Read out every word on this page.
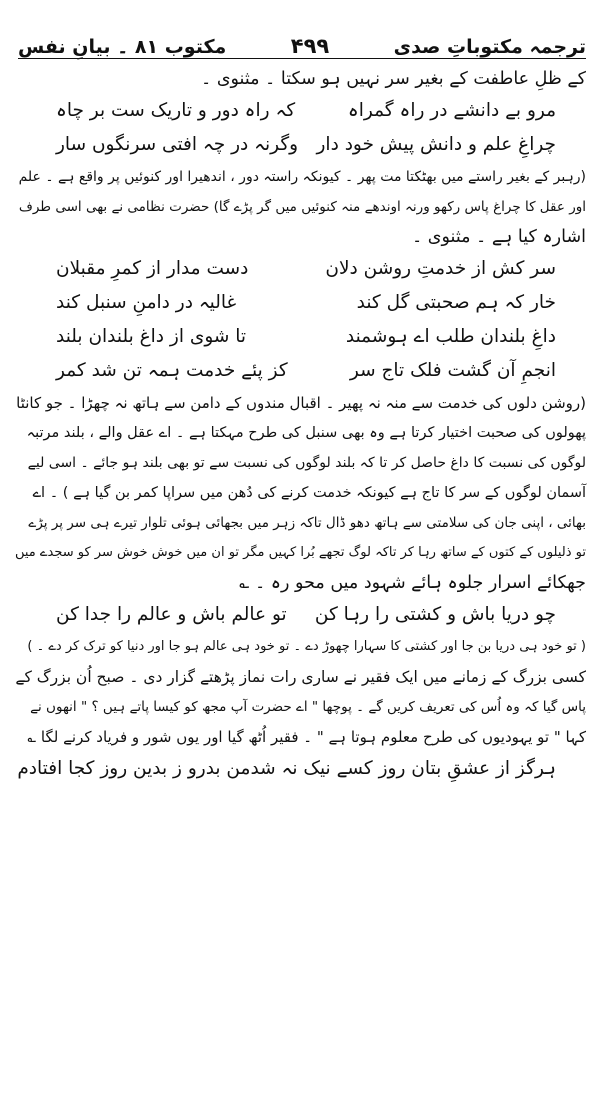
ترجمہ مکتوباتِ صدی
۴۹۹
مکتوب ۸۱ ۔ بیانِ نفس

کے ظلِ عاطفت کے بغیر سر نہیں ہو سکتا ۔ مثنوی ۔

مرو بے دانشے در راہ گمراہ
کہ راہ دور و تاریک ست بر چاہ
چراغِ علم و دانش پیش خود دار
وگرنہ در چہ افتی سرنگوں سار

(رہبر کے بغیر راستے میں بھٹکتا مت پھر ۔ کیونکہ راستہ دور ، اندھیرا اور کنوئیں پر واقع ہے ۔ علم

اور عقل کا چراغ پاس رکھو ورنہ اوندھے منہ کنوئیں میں گر پڑے گا) حضرت نظامی نے بھی اسی طرف

اشارہ کیا ہے ۔ مثنوی ۔

سر کش از خدمتِ روشن دلان
دست مدار از کمرِ مقبلان
خار کہ ہم صحبتی گل کند
غالیہ در دامنِ سنبل کند
داغِ بلندان طلب اے ہوشمند
تا شوی از داغ بلندان بلند
انجمِ آن گشت فلک تاج سر
کز پئے خدمت ہمہ تن شد کمر

(روشن دلوں کی خدمت سے منہ نہ پھیر ۔ اقبال مندوں کے دامن سے ہاتھ نہ چھڑا ۔ جو کانٹا

پھولوں کی صحبت اختیار کرتا ہے وہ بھی سنبل کی طرح مہکتا ہے ۔ اے عقل والے ، بلند مرتبہ

لوگوں کی نسبت کا داغ حاصل کر تا کہ بلند لوگوں کی نسبت سے تو بھی بلند ہو جائے ۔ اسی لیے

آسمان لوگوں کے سر کا تاج ہے کیونکہ خدمت کرنے کی دُھن میں سراپا کمر بن گیا ہے ) ۔ اے

بھائی ، اپنی جان کی سلامتی سے ہاتھ دھو ڈال تاکہ زہر میں بجھائی ہوئی تلوار تیرے ہی سر پر پڑے

تو ذلیلوں کے کتوں کے ساتھ رہا کر تاکہ لوگ تجھے بُرا کہیں مگر تو ان میں خوش خوش سر کو سجدے میں

جھکائے اسرار جلوہ ہائے شہود میں محو رہ ۔ ؎

چو دریا باش و کشتی را رہا کن
تو عالم باش و عالم را جدا کن

( تو خود ہی دریا بن جا اور کشتی کا سہارا چھوڑ دے ۔ تو خود ہی عالم ہو جا اور دنیا کو ترک کر دے ۔ )

کسی بزرگ کے زمانے میں ایک فقیر نے ساری رات نماز پڑھتے گزار دی ۔ صبح اُن بزرگ کے

پاس گیا کہ وہ اُس کی تعریف کریں گے ۔ پوچھا " اے حضرت آپ مجھ کو کیسا پاتے ہیں ؟ " انھوں نے

کہا " تو یہودیوں کی طرح معلوم ہوتا ہے " ۔ فقیر اُٹھ گیا اور یوں شور و فریاد کرنے لگا ؎

ہرگز از عشقِ بتان روز کسے نیک نہ شد
من بدرو ز بدین روز کجا افتادم
